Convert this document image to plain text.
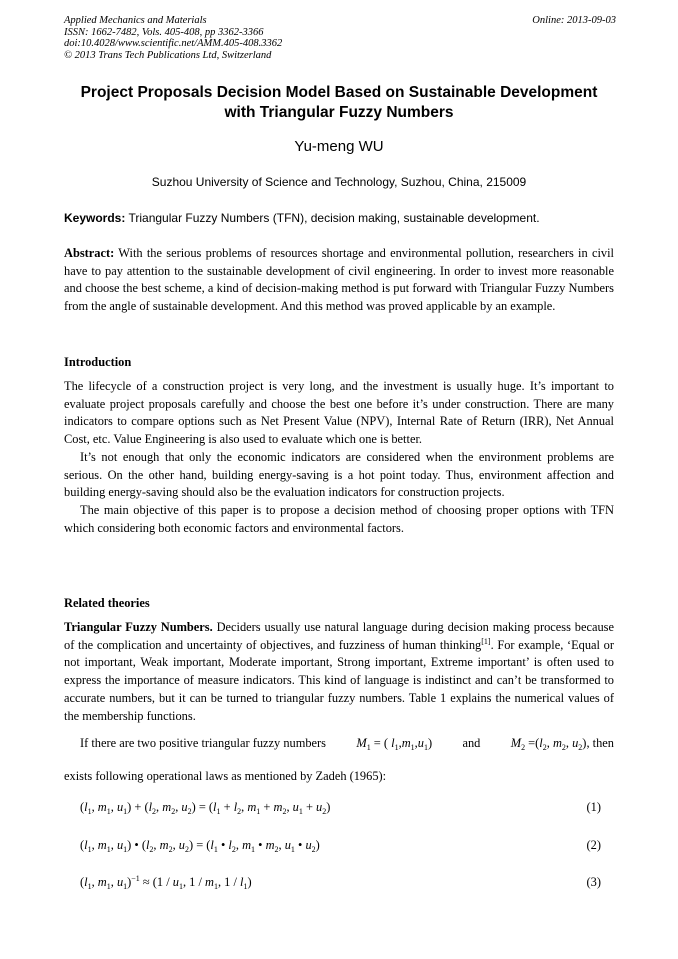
Applied Mechanics and Materials
ISSN: 1662-7482, Vols. 405-408, pp 3362-3366
doi:10.4028/www.scientific.net/AMM.405-408.3362
© 2013 Trans Tech Publications Ltd, Switzerland
Online: 2013-09-03
Project Proposals Decision Model Based on Sustainable Development
with Triangular Fuzzy Numbers
Yu-meng WU
Suzhou University of Science and Technology, Suzhou, China, 215009
Keywords: Triangular Fuzzy Numbers (TFN), decision making, sustainable development.
Abstract: With the serious problems of resources shortage and environmental pollution, researchers in civil have to pay attention to the sustainable development of civil engineering. In order to invest more reasonable and choose the best scheme, a kind of decision-making method is put forward with Triangular Fuzzy Numbers from the angle of sustainable development. And this method was proved applicable by an example.
Introduction

The lifecycle of a construction project is very long, and the investment is usually huge. It’s important to evaluate project proposals carefully and choose the best one before it’s under construction. There are many indicators to compare options such as Net Present Value (NPV), Internal Rate of Return (IRR), Net Annual Cost, etc. Value Engineering is also used to evaluate which one is better.

It’s not enough that only the economic indicators are considered when the environment problems are serious. On the other hand, building energy-saving is a hot point today. Thus, environment affection and building energy-saving should also be the evaluation indicators for construction projects.

The main objective of this paper is to propose a decision method of choosing proper options with TFN which considering both economic factors and environmental factors.

Related theories

Triangular Fuzzy Numbers. Deciders usually use natural language during decision making process because of the complication and uncertainty of objectives, and fuzziness of human thinking[1]. For example, ‘Equal or not important, Weak important, Moderate important, Strong important, Extreme important’ is often used to express the importance of measure indicators. This kind of language is indistinct and can’t be transformed to accurate numbers, but it can be turned to triangular fuzzy numbers. Table 1 explains the numerical values of the membership functions.

If there are two positive triangular fuzzy numbers $M_1$ = ( $l_1,m_1,u_1$) and $M_2 =(l_2$, $m_2$, $u_2$), then
exists following operational laws as mentioned by Zadeh (1965):
($l_1$, $m_1$, $u_1) + (l_2$, $m_2$, $u_2) = (l_1 + l_2$, $m_1 + m_2$, $u_1 + u_2$)	(1)
($l_1$, $m_1$, $u_1$) • ($l_2$, $m_2$, $u_2) = (l_1$ • $l_2$, $m_1$ • $m_2$, $u_1$ • $u_2$)	(2)
($l_1$, $m_1$, $u_1)^{-1} \approx (1 / u_1$, $1 / m_1$, $1 / l_1$)	(3)
